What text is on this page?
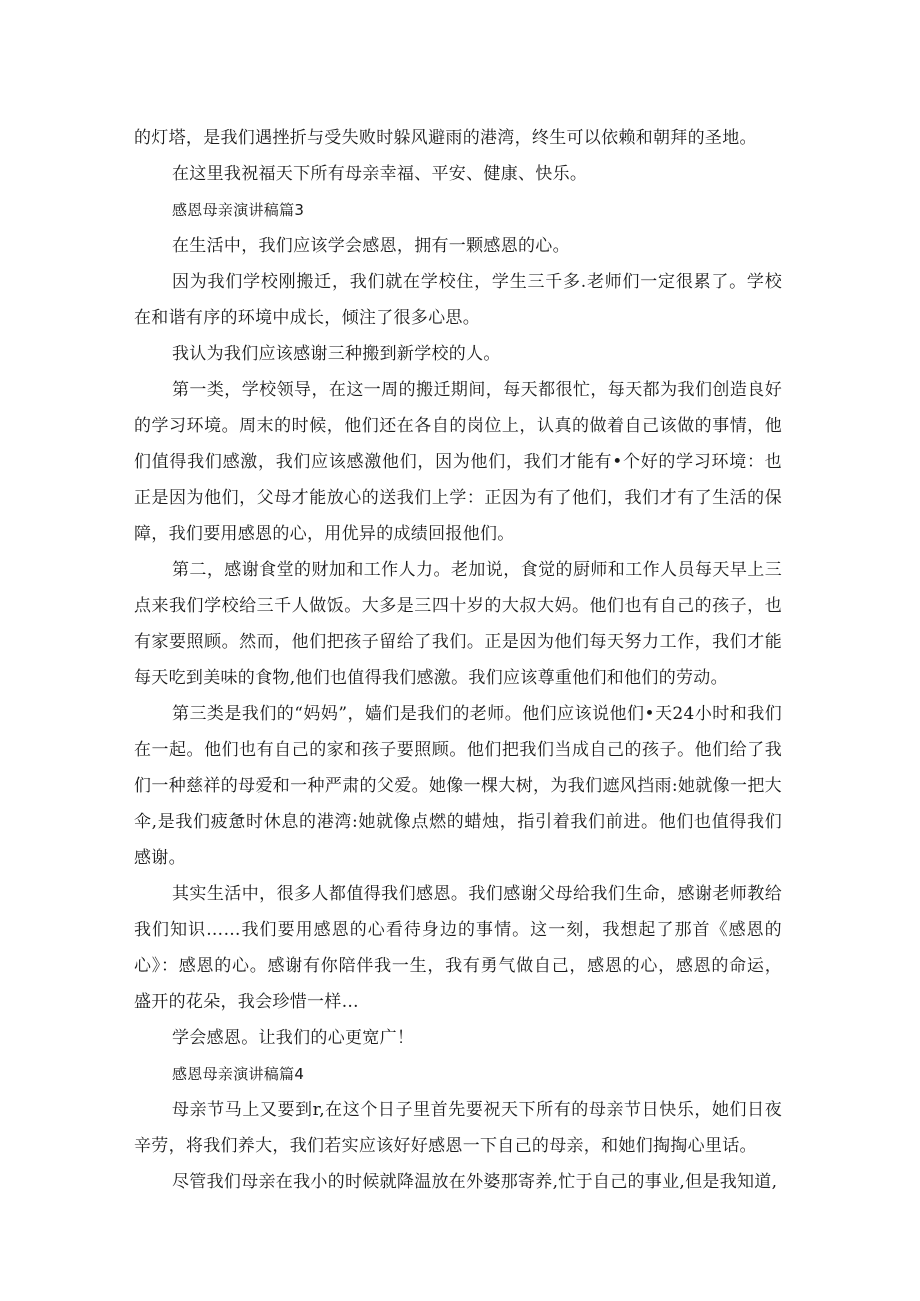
的灯塔，是我们遇挫折与受失败时躲风避雨的港湾，终生可以依赖和朝拜的圣地。

在这里我祝福天下所有母亲幸福、平安、健康、快乐。

感恩母亲演讲稿篇3

在生活中，我们应该学会感恩，拥有一颗感恩的心。

因为我们学校刚搬迁，我们就在学校住，学生三千多.老师们一定很累了。学校在和谐有序的环境中成长，倾注了很多心思。

我认为我们应该感谢三种搬到新学校的人。

第一类，学校领导，在这一周的搬迁期间，每天都很忙，每天都为我们创造良好的学习环境。周末的时候，他们还在各自的岗位上，认真的做着自己该做的事情，他们值得我们感激，我们应该感激他们，因为他们，我们才能有•个好的学习环境：也正是因为他们，父母才能放心的送我们上学：正因为有了他们，我们才有了生活的保障，我们要用感恩的心，用优异的成绩回报他们。

第二，感谢食堂的财加和工作人力。老加说，食觉的厨师和工作人员每天早上三点来我们学校给三千人做饭。大多是三四十岁的大叔大妈。他们也有自己的孩子，也有家要照顾。然而，他们把孩子留给了我们。正是因为他们每天努力工作，我们才能每天吃到美味的食物,他们也值得我们感激。我们应该尊重他们和他们的劳动。

第三类是我们的“妈妈”，嫱们是我们的老师。他们应该说他们•天24小时和我们在一起。他们也有自己的家和孩子要照顾。他们把我们当成自己的孩子。他们给了我们一种慈祥的母爱和一种严肃的父爱。她像一棵大树，为我们遮风挡雨:她就像一把大伞,是我们疲惫时休息的港湾:她就像点燃的蜡烛，指引着我们前进。他们也值得我们感谢。

其实生活中，很多人都值得我们感恩。我们感谢父母给我们生命，感谢老师教给我们知识……我们要用感恩的心看待身边的事情。这一刻，我想起了那首《感恩的心》：感恩的心。感谢有你陪伴我一生，我有勇气做自己，感恩的心，感恩的命运，盛开的花朵，我会珍惜一样…

学会感恩。让我们的心更宽广！

感恩母亲演讲稿篇4

母亲节马上又要到r,在这个日子里首先要祝天下所有的母亲节日快乐，她们日夜辛劳，将我们养大，我们若实应该好好感恩一下自己的母亲，和她们掏掏心里话。

尽管我们母亲在我小的时候就降温放在外婆那寄养,忙于自己的事业,但是我知道,
